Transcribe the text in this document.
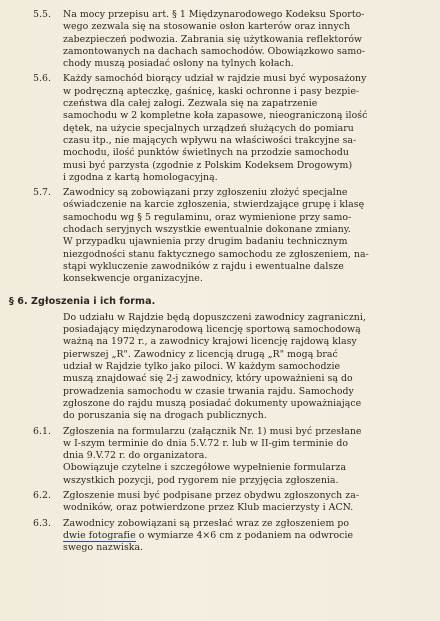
5.5. Na mocy przepisu art. § 1 Międzynarodowego Kodeksu Sporto-
wego zezwala się na stosowanie osłon karterów oraz innych
zabezpieczeń podwozia. Zabrania się użytkowania reflektorów
zamontowanych na dachach samochodów. Obowiązkowo samo-
chody muszą posiadać osłony na tylnych kołach.
5.6. Każdy samochód biorący udział w rajdzie musi być wyposażony
w podręczną apteczkę, gaśnicę, kaski ochronne i pasy bezpie-
czeństwa dla całej załogi. Zezwala się na zapatrzenie
samochodu w 2 kompletne koła zapasowe, nieograniczoną ilość
dętek, na użycie specjalnych urządzeń służących do pomiaru
czasu itp., nie mających wpływu na właściwości trakcyjne sa-
mochodu, ilość punktów świetlnych na przodzie samochodu
musi być parzysta (zgodnie z Polskim Kodeksem Drogowym)
i zgodna z kartą homologacyjną.
5.7. Zawodnicy są zobowiązani przy zgłoszeniu złożyć specjalne
oświadczenie na karcie zgłoszenia, stwierdzające grupę i klasę
samochodu wg § 5 regulaminu, oraz wymienione przy samo-
chodach seryjnych wszystkie ewentualnie dokonane zmiany.
W przypadku ujawnienia przy drugim badaniu technicznym
niezgodności stanu faktycznego samochodu ze zgłoszeniem, na-
stąpi wykluczenie zawodników z rajdu i ewentualne dalsze
konsekwencje organizacyjne.
§ 6. Zgłoszenia i ich forma.
Do udziału w Rajdzie będą dopuszczeni zawodnicy zagraniczni,
posiadający międzynarodową licencję sportową samochodową
ważną na 1972 r., a zawodnicy krajowi licencję rajdową klasy
pierwszej „R". Zawodnicy z licencją drugą „R" mogą brać
udział w Rajdzie tylko jako piloci. W każdym samochodzie
muszą znajdować się 2-j zawodnicy, który upoważnieni są do
prowadzenia samochodu w czasie trwania rajdu. Samochody
zgłoszone do rajdu muszą posiadać dokumenty upoważniające
do poruszania się na drogach publicznych.
6.1. Zgłoszenia na formularzu (załącznik Nr. 1) musi być przesłane
w I-szym terminie do dnia 5.V.72 r. lub w II-gim terminie do
dnia 9.V.72 r. do organizatora.
Obowiązuje czytelne i szczegółowe wypełnienie formularza
wszystkich pozycji, pod rygorem nie przyjęcia zgłoszenia.
6.2. Zgłoszenie musi być podpisane przez obydwu zgłoszonych za-
wodników, oraz potwierdzone przez Klub macierzysty i ACN.
6.3. Zawodnicy zobowiązani są przesłać wraz ze zgłoszeniem po
dwie fotografie o wymiarze 4×6 cm z podaniem na odwrocie
swego nazwiska.
